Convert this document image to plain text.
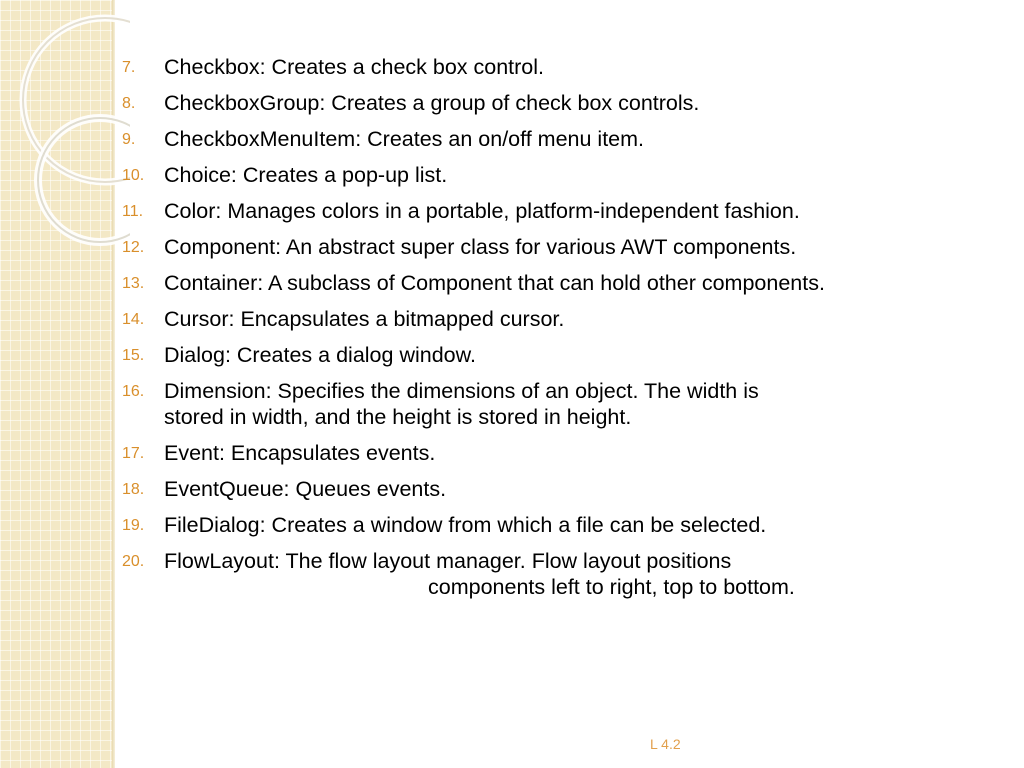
7. Checkbox: Creates a check box control.
8. CheckboxGroup: Creates a group of check box controls.
9. CheckboxMenuItem: Creates an on/off menu item.
10. Choice: Creates a pop-up list.
11. Color: Manages colors in a portable, platform-independent fashion.
12. Component: An abstract super class for various AWT components.
13. Container: A subclass of Component that can hold other components.
14. Cursor: Encapsulates a bitmapped cursor.
15. Dialog: Creates a dialog window.
16. Dimension: Specifies the dimensions of an object. The width is
stored in width, and the height is stored in height.
17. Event: Encapsulates events.
18. EventQueue: Queues events.
19. FileDialog: Creates a window from which a file can be selected.
20. FlowLayout: The flow layout manager. Flow layout positions
components left to right, top to bottom.
L 4.2
